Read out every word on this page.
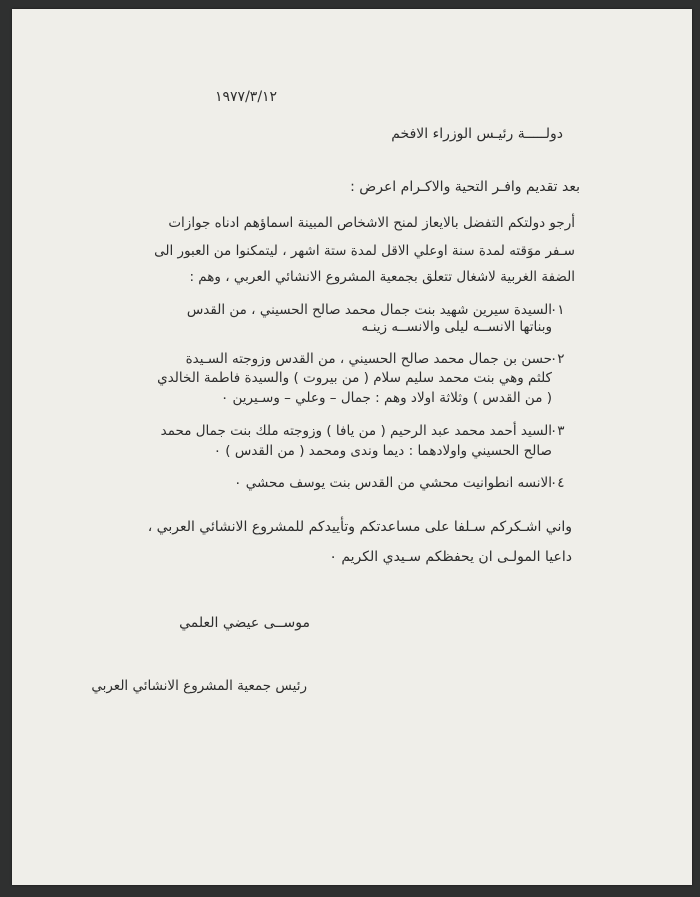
١٩٧٧/٣/١٢
دولـــــة رئيـس الوزراء الافخم
بعد تقديم وافـر التحية والاكـرام اعرض :
أرجو دولتكم التفضل بالايعاز لمنح الاشخاص المبينة اسماؤهم ادناه جوازات
سـفر موَقته لمدة سنة اوعلي الاقل لمدة ستة اشهر ، ليتمكنوا من العبور الى
الضفة الغربية لاشغال تتعلق بجمعية المشروع الانشائي العربي ، وهم :
٠١
السيدة سيرين شهيد بنت جمال محمد صالح الحسيني ، من القدس
وبناتها الانســه ليلى والانســه زينـه
٠٢
حسن بن جمال محمد صالح الحسيني ، من القدس وزوجته السـيدة
كلثم وهي بنت محمد سليم سلام ( من بيروت ) والسيدة فاطمة الخالدي
( من القدس ) وثلاثة اولاد وهم : جمال – وعلي – وسـيرين ٠
٠٣
السيد أحمد محمد عبد الرحيم ( من يافا ) وزوجته ملك بنت جمال محمد
صالح الحسيني واولادهما : ديما وندى ومحمد ( من القدس ) ٠
٠٤
الانسه انطوانيت محشي من القدس بنت يوسف محشي ٠
واني اشـكركم سـلفا على مساعدتكم وتأييدكم للمشروع الانشائي العربي ،
داعيا المولـى ان يحفظكم سـيدي الكريم ٠
موســى عيضي العلمي
رئيس جمعية المشروع الانشائي العربي
